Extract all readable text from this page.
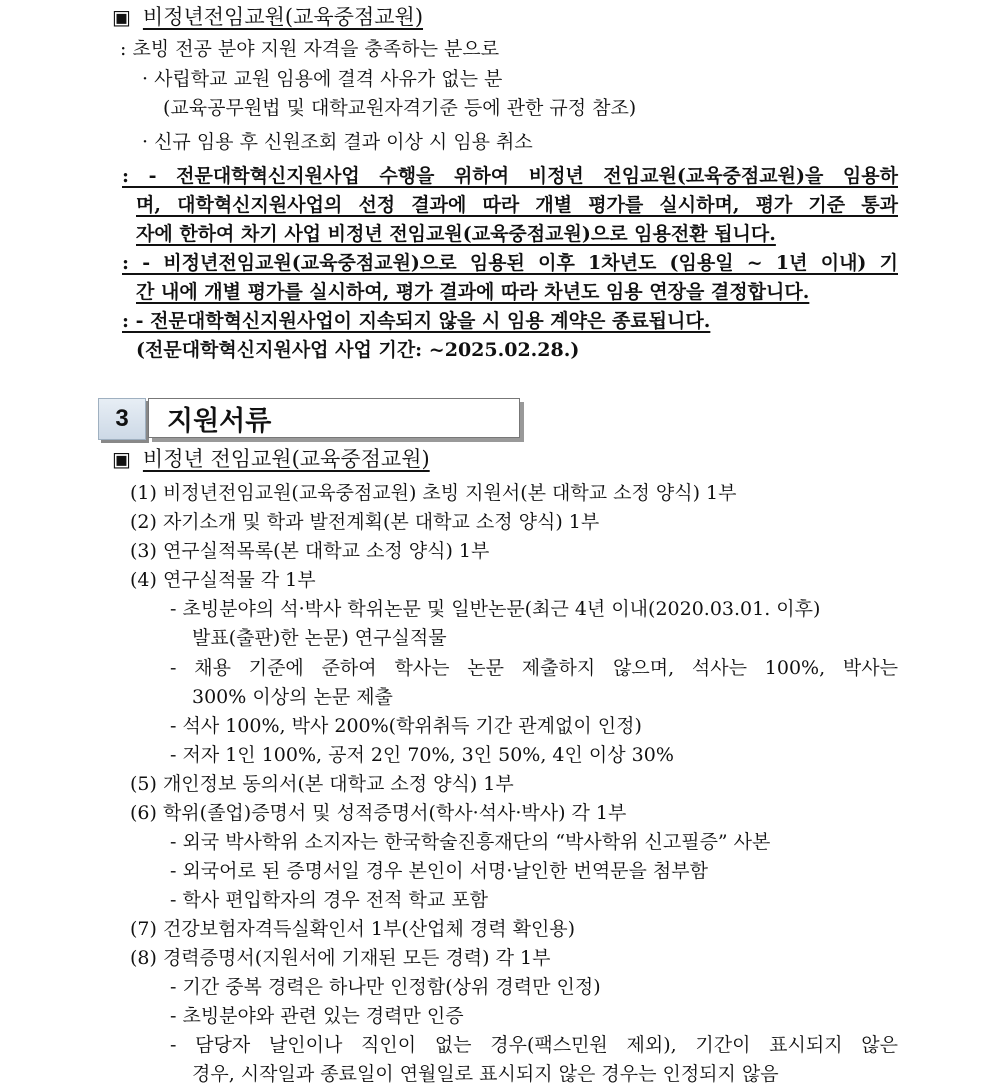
▣ 비정년전임교원(교육중점교원)
: 초빙 전공 분야 지원 자격을 충족하는 분으로
· 사립학교 교원 임용에 결격 사유가 없는 분
(교육공무원법 및 대학교원자격기준 등에 관한 규정 참조)
· 신규 임용 후 신원조회 결과 이상 시 임용 취소
: - 전문대학혁신지원사업 수행을 위하여 비정년 전임교원(교육중점교원)을 임용하
며, 대학혁신지원사업의 선정 결과에 따라 개별 평가를 실시하며, 평가 기준 통과
자에 한하여 차기 사업 비정년 전임교원(교육중점교원)으로 임용전환 됩니다.
: - 비정년전임교원(교육중점교원)으로 임용된 이후 1차년도 (임용일 ~ 1년 이내) 기
간 내에 개별 평가를 실시하여, 평가 결과에 따라 차년도 임용 연장을 결정합니다.
: - 전문대학혁신지원사업이 지속되지 않을 시 임용 계약은 종료됩니다.
(전문대학혁신지원사업 사업 기간: ~2025.02.28.)
3	지원서류
▣ 비정년 전임교원(교육중점교원)
(1) 비정년전임교원(교육중점교원) 초빙 지원서(본 대학교 소정 양식) 1부
(2) 자기소개 및 학과 발전계획(본 대학교 소정 양식) 1부
(3) 연구실적목록(본 대학교 소정 양식) 1부
(4) 연구실적물 각 1부
- 초빙분야의 석·박사 학위논문 및 일반논문(최근 4년 이내(2020.03.01. 이후)
발표(출판)한 논문) 연구실적물
- 채용 기준에 준하여 학사는 논문 제출하지 않으며, 석사는 100%, 박사는
300% 이상의 논문 제출
- 석사 100%, 박사 200%(학위취득 기간 관계없이 인정)
- 저자 1인 100%, 공저 2인 70%, 3인 50%, 4인 이상 30%
(5) 개인정보 동의서(본 대학교 소정 양식) 1부
(6) 학위(졸업)증명서 및 성적증명서(학사·석사·박사) 각 1부
- 외국 박사학위 소지자는 한국학술진흥재단의 “박사학위 신고필증” 사본
- 외국어로 된 증명서일 경우 본인이 서명·날인한 번역문을 첨부함
- 학사 편입학자의 경우 전적 학교 포함
(7) 건강보험자격득실확인서 1부(산업체 경력 확인용)
(8) 경력증명서(지원서에 기재된 모든 경력) 각 1부
- 기간 중복 경력은 하나만 인정함(상위 경력만 인정)
- 초빙분야와 관련 있는 경력만 인증
- 담당자 날인이나 직인이 없는 경우(팩스민원 제외), 기간이 표시되지 않은
경우, 시작일과 종료일이 연월일로 표시되지 않은 경우는 인정되지 않음
